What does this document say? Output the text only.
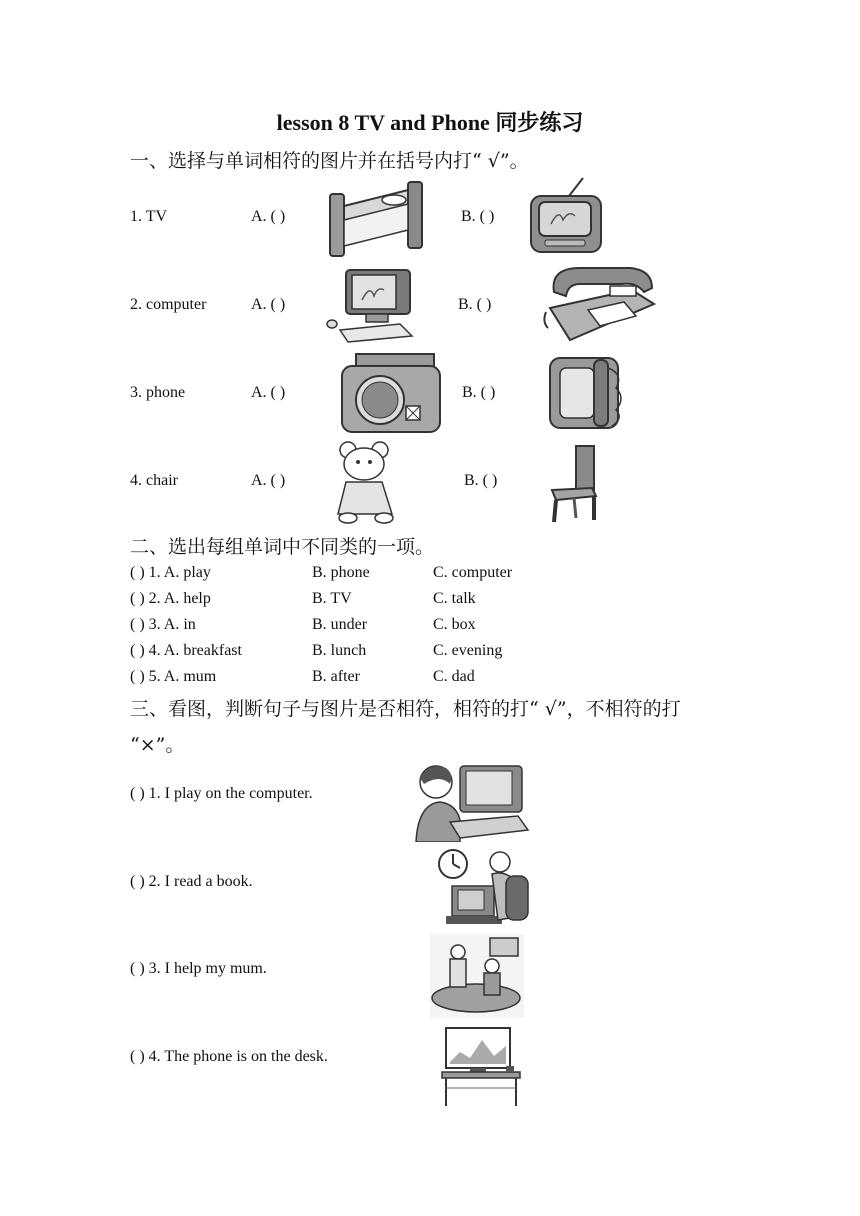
lesson 8 TV and Phone 同步练习
一、选择与单词相符的图片并在括号内打“ √”。
1. TV	A. ( )	B. ( )
2. computer	A. ( )	B. ( )
3. phone	A. ( )	B. ( )
4. chair	A. ( )	B. ( )
二、选出每组单词中不同类的一项。
( ) 1. A. play	B. phone	C. computer
( ) 2. A. help	B. TV	C. talk
( ) 3. A. in	B. under	C. box
( ) 4. A. breakfast	B. lunch	C. evening
( ) 5. A. mum	B. after	C. dad
三、看图，判断句子与图片是否相符，相符的打“ √”，不相符的打
“×”。
( ) 1. I play on the computer.
( ) 2. I read a book.
( ) 3. I help my mum.
( ) 4. The phone is on the desk.
